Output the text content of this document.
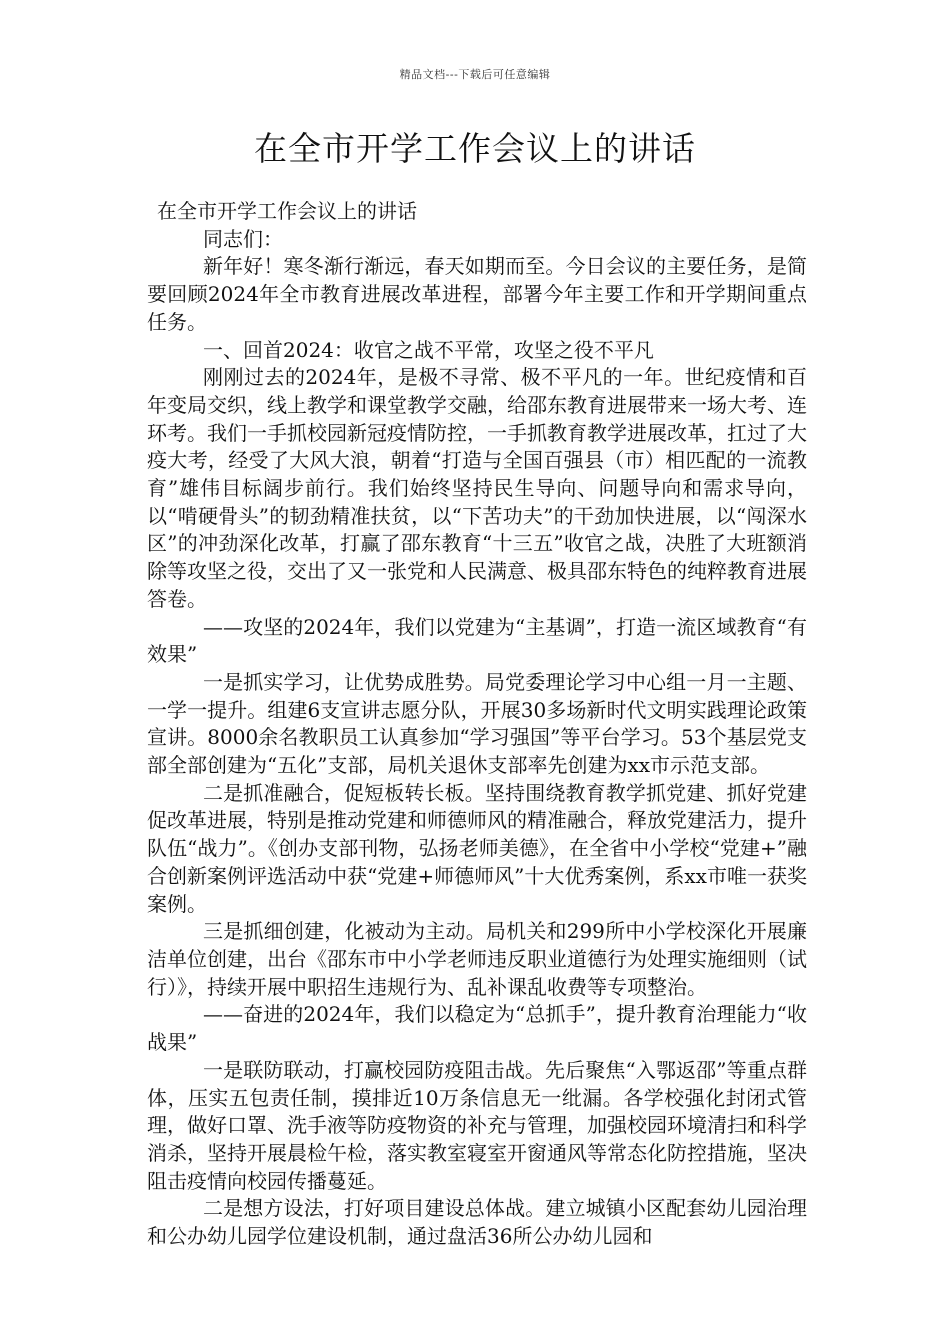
精品文档---下载后可任意编辑
在全市开学工作会议上的讲话

在全市开学工作会议上的讲话

同志们：

新年好！寒冬渐行渐远，春天如期而至。今日会议的主要任务，是简要回顾2024年全市教育进展改革进程，部署今年主要工作和开学期间重点任务。

一、回首2024：收官之战不平常，攻坚之役不平凡

刚刚过去的2024年，是极不寻常、极不平凡的一年。世纪疫情和百年变局交织，线上教学和课堂教学交融，给邵东教育进展带来一场大考、连环考。我们一手抓校园新冠疫情防控，一手抓教育教学进展改革，扛过了大疫大考，经受了大风大浪，朝着“打造与全国百强县（市）相匹配的一流教育”雄伟目标阔步前行。我们始终坚持民生导向、问题导向和需求导向，以“啃硬骨头”的韧劲精准扶贫，以“下苦功夫”的干劲加快进展，以“闯深水区”的冲劲深化改革，打赢了邵东教育“十三五”收官之战，决胜了大班额消除等攻坚之役，交出了又一张党和人民满意、极具邵东特色的纯粹教育进展答卷。

——攻坚的2024年，我们以党建为“主基调”，打造一流区域教育“有效果”

一是抓实学习，让优势成胜势。局党委理论学习中心组一月一主题、一学一提升。组建6支宣讲志愿分队，开展30多场新时代文明实践理论政策宣讲。8000余名教职员工认真参加“学习强国”等平台学习。53个基层党支部全部创建为“五化”支部，局机关退休支部率先创建为xx市示范支部。

二是抓准融合，促短板转长板。坚持围绕教育教学抓党建、抓好党建促改革进展，特别是推动党建和师德师风的精准融合，释放党建活力，提升队伍“战力”。《创办支部刊物，弘扬老师美德》，在全省中小学校“党建+”融合创新案例评选活动中获“党建+师德师风”十大优秀案例，系xx市唯一获奖案例。

三是抓细创建，化被动为主动。局机关和299所中小学校深化开展廉洁单位创建，出台《邵东市中小学老师违反职业道德行为处理实施细则（试行）》，持续开展中职招生违规行为、乱补课乱收费等专项整治。

——奋进的2024年，我们以稳定为“总抓手”，提升教育治理能力“收战果”

一是联防联动，打赢校园防疫阻击战。先后聚焦“入鄂返邵”等重点群体，压实五包责任制，摸排近10万条信息无一纰漏。各学校强化封闭式管理，做好口罩、洗手液等防疫物资的补充与管理，加强校园环境清扫和科学消杀，坚持开展晨检午检，落实教室寝室开窗通风等常态化防控措施，坚决阻击疫情向校园传播蔓延。

二是想方设法，打好项目建设总体战。建立城镇小区配套幼儿园治理和公办幼儿园学位建设机制，通过盘活36所公办幼儿园和
